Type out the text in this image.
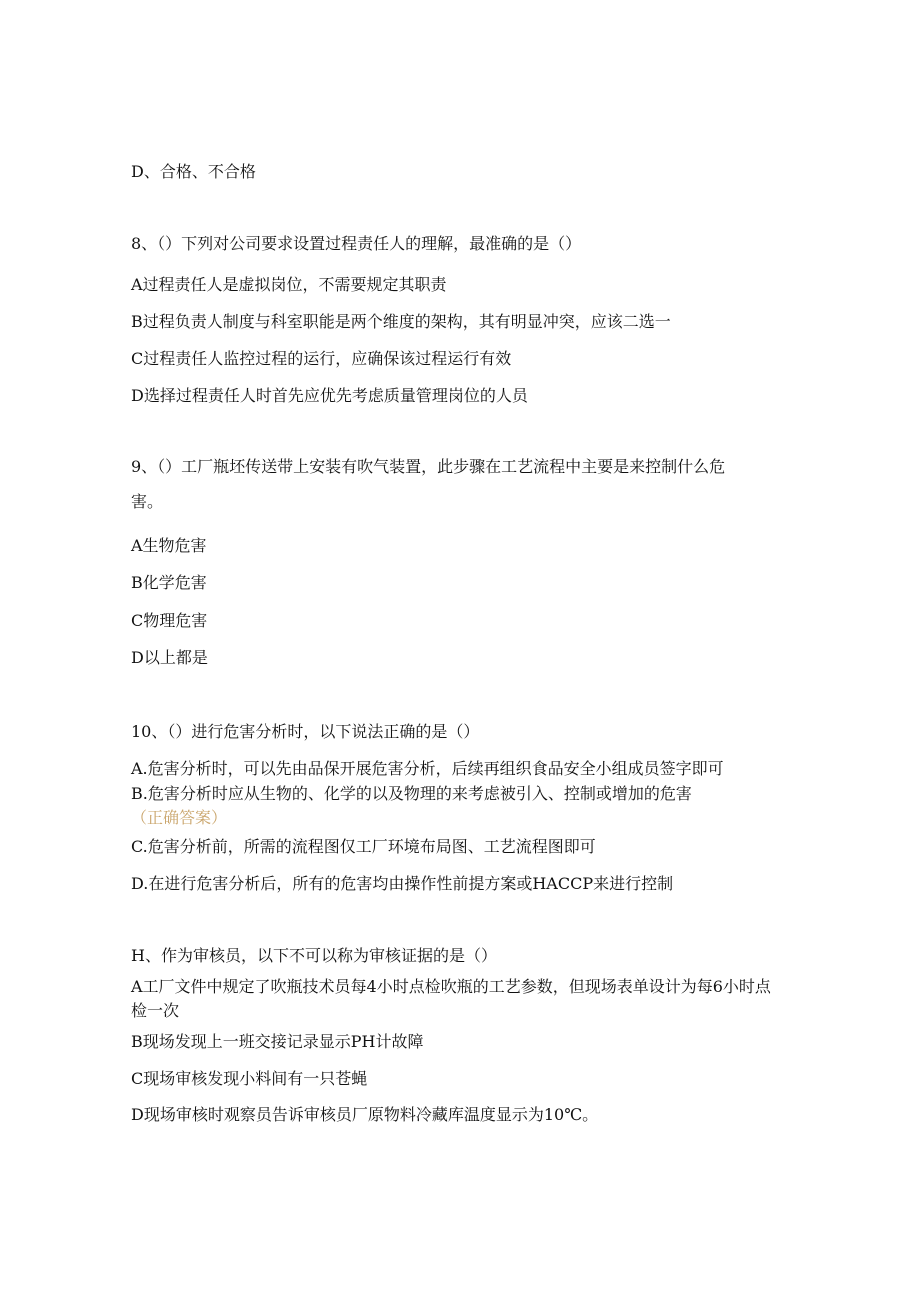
D、合格、不合格
8、（）下列对公司要求设置过程责任人的理解，最准确的是（）
A过程责任人是虚拟岗位，不需要规定其职责
B过程负责人制度与科室职能是两个维度的架构，其有明显冲突，应该二选一
C过程责任人监控过程的运行，应确保该过程运行有效
D选择过程责任人时首先应优先考虑质量管理岗位的人员
9、（）工厂瓶坯传送带上安装有吹气装置，此步骤在工艺流程中主要是来控制什么危
害。
A生物危害
B化学危害
C物理危害
D以上都是
10、（）进行危害分析时，以下说法正确的是（）
A.危害分析时，可以先由品保开展危害分析，后续再组织食品安全小组成员签字即可
B.危害分析时应从生物的、化学的以及物理的来考虑被引入、控制或增加的危害（正确答案）
C.危害分析前，所需的流程图仅工厂环境布局图、工艺流程图即可
D.在进行危害分析后，所有的危害均由操作性前提方案或HACCP来进行控制
H、作为审核员，以下不可以称为审核证据的是（）
A工厂文件中规定了吹瓶技术员每4小时点检吹瓶的工艺参数，但现场表单设计为每6小时点检一次
B现场发现上一班交接记录显示PH计故障
C现场审核发现小料间有一只苍蝇
D现场审核时观察员告诉审核员厂原物料冷藏库温度显示为10℃。
